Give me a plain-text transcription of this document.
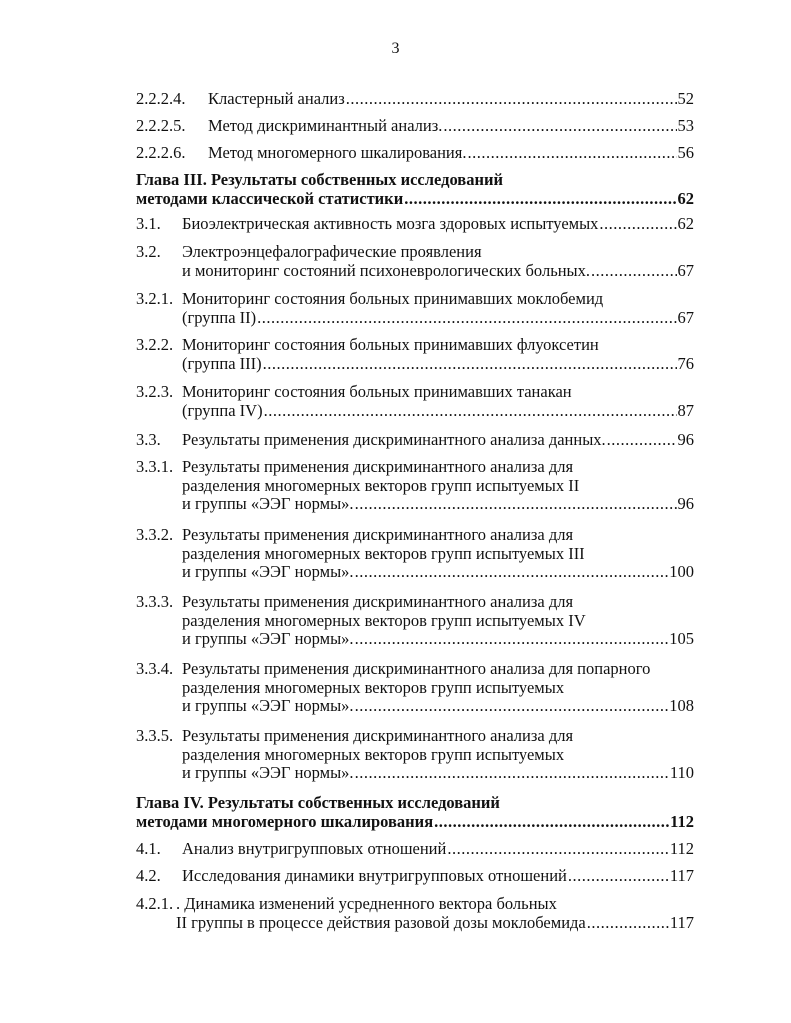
3
2.2.2.4. Кластерный анализ .....	52
2.2.2.5. Метод дискриминантный анализ. .....	53
2.2.2.6. Метод многомерного шкалирования. .....	56
Глава III. Результаты собственных исследований
методами классической статистики .....	62
3.1. Биоэлектрическая активность мозга здоровых испытуемых .....	62
3.2. Электроэнцефалографические проявления
и мониторинг состояний психоневрологических больных. .....	67
3.2.1. Мониторинг состояния больных принимавших моклобемид
(группа II) .....	67
3.2.2. Мониторинг состояния больных принимавших флуоксетин
(группа III) .....	76
3.2.3. Мониторинг состояния больных принимавших танакан
(группа IV) .....	87
3.3. Результаты применения дискриминантного анализа данных. .....	96
3.3.1. Результаты применения дискриминантного анализа для
разделения многомерных векторов групп испытуемых II
и группы «ЭЭГ нормы». .....	96
3.3.2. Результаты применения дискриминантного анализа для
разделения многомерных векторов групп испытуемых III
и группы «ЭЭГ нормы». .....	100
3.3.3. Результаты применения дискриминантного анализа для
разделения многомерных векторов групп испытуемых IV
и группы «ЭЭГ нормы». .....	105
3.3.4. Результаты применения дискриминантного анализа для попарного
разделения многомерных векторов групп испытуемых
и группы «ЭЭГ нормы». .....	108
3.3.5. Результаты применения дискриминантного анализа для
разделения многомерных векторов групп испытуемых
и группы «ЭЭГ нормы». .....	110
Глава IV. Результаты собственных исследований
методами многомерного шкалирования .....	112
4.1. Анализ внутригрупповых отношений .....	112
4.2. Исследования динамики внутригрупповых отношений .....	117
4.2.1. . Динамика изменений усредненного вектора больных
II группы в процессе действия разовой дозы моклобемида .....	117
